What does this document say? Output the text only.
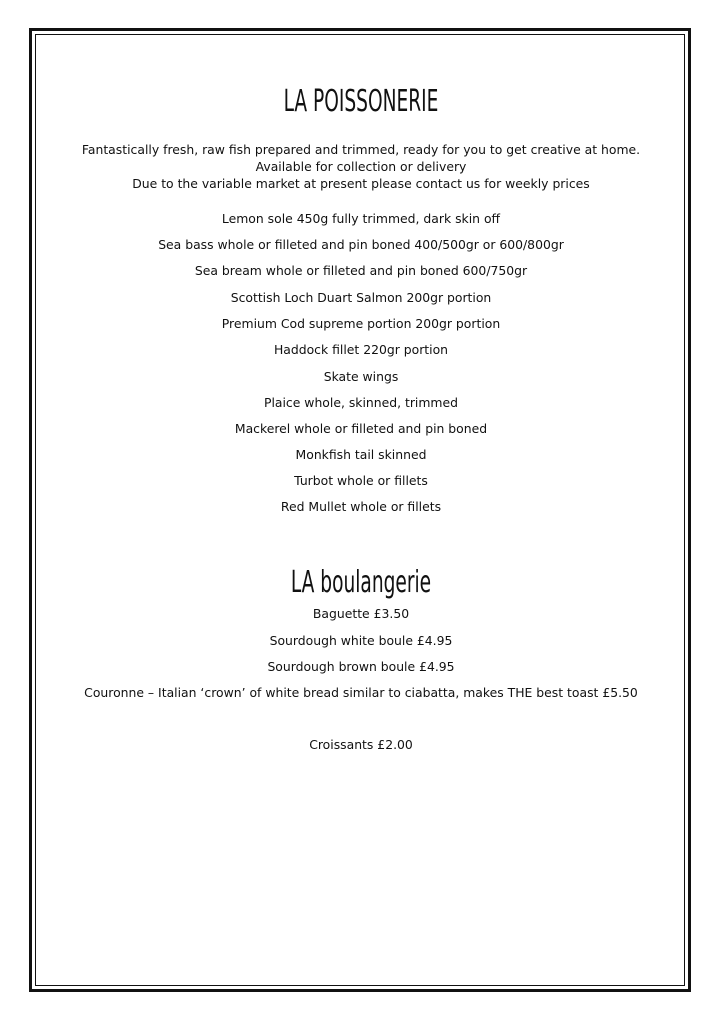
LA POISSONERIE

Fantastically fresh, raw fish prepared and trimmed, ready for you to get creative at home.

Available for collection or delivery

Due to the variable market at present please contact us for weekly prices

Lemon sole 450g fully trimmed, dark skin off

Sea bass whole or filleted and pin boned 400/500gr or 600/800gr

Sea bream whole or filleted and pin boned 600/750gr

Scottish Loch Duart Salmon 200gr portion

Premium Cod supreme portion 200gr portion

Haddock fillet 220gr portion

Skate wings

Plaice whole, skinned, trimmed

Mackerel whole or filleted and pin boned

Monkfish tail skinned

Turbot whole or fillets

Red Mullet whole or fillets

LA boulangerie

Baguette £3.50

Sourdough white boule £4.95

Sourdough brown boule £4.95

Couronne – Italian ‘crown’ of white bread similar to ciabatta, makes THE best toast £5.50

Croissants £2.00
